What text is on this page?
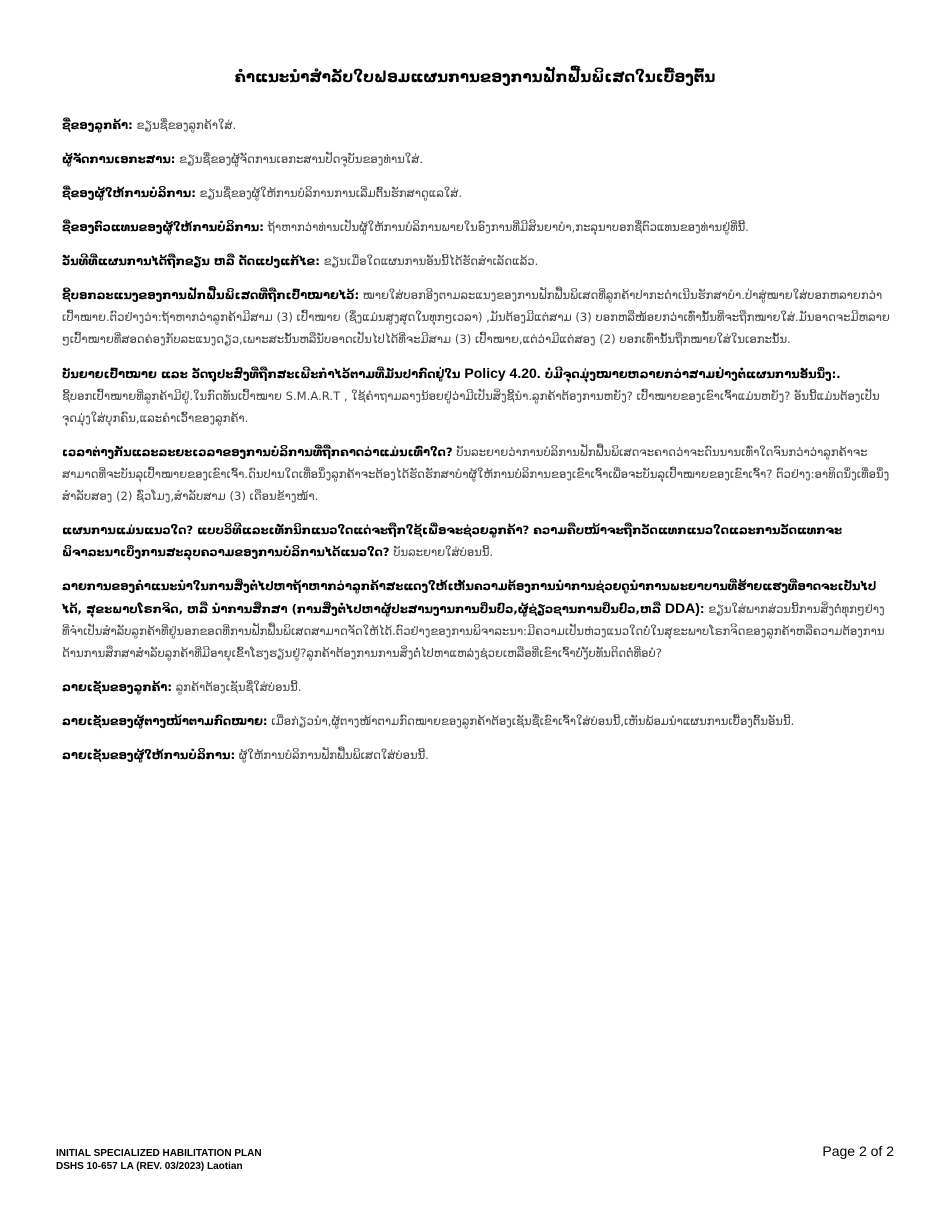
ຄໍາແນະນໍາສໍາລັບໃບຟອມແຜນການຂອງການຟັກຟື້ນພິເສດໃນເບື້ອງຕົ້ນ

ຊື່ຂອງລູກຄ້າ: ຂຽນຊື່ຂອງລູກຄ້າໃສ່.

ຜູ້ຈັດການເອກະສານ: ຂຽນຊື່ຂອງຜູ້ຈັດການເອກະສານປັດຈຸບັນຂອງທ່ານໃສ່.

ຊື່ຂອງຜູ້ໃຫ້ການບໍລິການ: ຂຽນຊື່ຂອງຜູ້ໃຫ້ການບໍລິການການເລີ່ມຕົ້ນຮັກສາດູແລໃສ່.

ຊື່ຂອງຕົວແທນຂອງຜູ້ໃຫ້ການບໍລິການ: ຖ້າຫາກວ່າທ່ານເປັນຜູ້ໃຫ້ການບໍລິການພາຍໃນອົງການທີ່ມີສິນຍາບໍາ,ກະລຸນາບອກຊື່ຕົວແທນຂອງທ່ານຢູ່ທີ່ນີ້.

ວັນທີທີ່ແຜນການໄດ້ຖືກຂຽນ ຫລື ດັດແປງແກ້ໄຂ: ຂຽນເມື່ອໃດແຜນການອັນນີ້ໄດ້ຮັດສໍາເລັດແລ້ວ.

ຊີ້ບອກລະແນງຂອງການຟັກຟື້ນພິເສດທີ່ຖືກເປົ້າໝາຍໄວ້: ໝາຍໃສ່ບອກອີງຕາມລະແນງຂອງການຟັກຟື້ນພິເສດທີ່ລູກຄ້າປາກະດຳເນີນຮັກສາບໍາ.ປ່າສູ່ໝາຍໃສ່ບອກຫລາຍກວ່າເປົ້າໝາຍ.ຕົວຢ່າງວ່າ:ຖ້າຫາກວ່າລູກຄ້າມີສາມ (3) ເປົ້າໝາຍ (ຊຶ່ງແມ່ນສູງສຸດໃນທຸກໆເວລາ) ,ມັນຕ້ອງມີແຕ່ສາມ (3) ບອກຫລືໜ້ອຍກວ່າເທົ່ານັ້ນທີ່ຈະຖືກໝາຍໃສ່.ມັນອາດຈະມີຫລາຍໆເປົ້າໝາຍທີ່ສອດຄ່ອງກັບລະແນງດຽວ,ເພາະສະນັ້ນຫລືນັບອາດເປັນໄປໄດ້ທີ່ຈະມີສາມ (3) ເປົ້າໝາຍ,ແຕ່ວ່າມີແຕ່ສອງ (2) ບອກເທົ່ານັ້ນຖືກໝາຍໃສ່ໃນເອກະນັ້ນ.

ບັນຍາຍເປົ້າໝາຍ ແລະ ວັດຖຸປະສົງທີ່ຖືກສະເພີະກໍາໄວ້ຕາມທີ່ມັນປາກົດຢູ່ໃນ Policy 4.20. ບໍ່ມີຈຸດມຸ່ງໝາຍຫລາຍກວ່າສາມຢ່າງຕໍ່ແຜນການອັນນຶ່ງ:.
ຊີ້ບອກເປົ້າໝາຍທີ່ລູກຄ້າມີຢູ່.ໃນກົດທັນເປົ້າໝາຍ S.M.A.R.T , ໃຊ້ຄໍາຖາມລາງນ້ອຍຢູ່ວ່າມີເປັນສິ່ງຊີ້ນໍາ.ລູກຄ້າຕ້ອງການຫຍັງ? ເປົ້າໝາຍຂອງເຂົາເຈົ້າແມ່ນຫຍັງ? ອັນນີ້ແມ່ນຕ້ອງເປັນຈຸດມຸ່ງໃສ່ບຸກຄົນ,ແລະຄໍາເວົ້າຂອງລູກຄ້າ.

ເວລາຕ່າງກັນແລະລະຍະເວລາຂອງການບໍລິການທີ່ຖືກຄາດວ່າແມ່ນເທົ່າໃດ? ບັນລະຍາຍວ່າການບໍລິການຟັກຟື້ນພິເສດຈະຄາດວ່າຈະດົນນານເທົ່າໃດຈົນກວ່າວ່າລູກຄ້າຈະສາມາດທີ່ຈະບັນລຸເປົ້າໝາຍຂອງເຂົາເຈົ້າ.ດົນປານໃດເທື່ອນຶ່ງລູກຄ້າຈະຕ້ອງໄດ້ຮັດຮັກສາບໍາຜູ້ໃຫ້ການບໍລິການຂອງເຂົາເຈົ້າເພື່ອຈະບັນລຸເປົ້າໝາຍຂອງເຂົາເຈົ້າ? ຕົວຢ່າງ:ອາທິດນຶ່ງເທື່ອນຶ່ງສໍາລັບສອງ (2) ຊົ່ວໂມງ,ສໍາລັບສາມ (3) ເດືອນຂ້າງໜ້າ.

ແຜນການແມ່ນແນວໃດ? ແບບວິທີແລະເທັກນິກແນວໃດແດ່ຈະຖືກໃຊ້ເພື່ອຈະຊ່ວຍລູກຄ້າ? ຄວາມຄືບໜ້າຈະຖືກວັດແທກແນວໃດແລະການວັດແທກຈະພິຈາລະນາເບິ່ງການສະລຸບຄວາມຂອງການບໍລິການໄດ້ແນວໃດ? ບັນລະຍາຍໃສ່ບ່ອນນີ້.

ລາຍການຂອງຄໍາແນະນໍາໃນການສິ່ງຕໍ່ໄປຫາຖ້າຫາກວ່າລູກຄ້າສະແດງໃຫ້ເຫັນຄວາມຕ້ອງການນໍາການຊ່ວຍດູນໍາການພະຍາບານທີ່ຮ້າຍແຮງທີ່ອາດຈະເປັນໄປໄດ້, ສຸຂະພາບໂຣກຈິດ, ຫລື ນໍາການສຶກສາ (ການສິ່ງຕໍ່ໄປຫາຜູ້ປະສານງານການປິ່ນປົວ,ຜູ້ຊ່ຽວຊານການປິ່ນປົວ,ຫລື DDA): ຂຽນໃສ່ພາກສ່ວນນີ້ການສິ່ງຕໍ່ທຸກໆຢ່າງທີ່ຈໍາເປັນສໍາລັບລູກຄ້າທີ່ຢູ່ນອກຂອດທີ່ການຟັກຟື້ນພິເສດສາມາດຈັດໃຫ້ໄດ້.ຕົວຢ່າງຂອງການພິຈາລະນາ:ມີຄວາມເປັນຫ່ວງແນວໃດບໍ່ໃນສຸຂະພາບໂຣກຈິດຂອງລູກຄ້າຫລືຄວາມຕ້ອງການດ້ານການສຶກສາສໍາລັບລູກຄ້າທີ່ມີອາຍຸເຂົ້າໂຮງຮຽນຢູ່?ລູກຄ້າຕ້ອງການການສິ່ງຕໍ່ໄປຫາແຫລ່ງຊ່ວຍເຫລືອທີ່ເຂົາເຈົ້າບໍ່ງັບທັນຕິດຕໍ່ທີ່ອບໍ?

ລາຍເຊັນຂອງລູກຄ້າ: ລູກຄ້າຕ້ອງເຊັນຊື່ໃສ່ບ່ອນນີ້.

ລາຍເຊັນຂອງຜູ້ຕາງໜ້າຕາມກົດໝາຍ: ເມື່ອກ່ຽວນໍາ,ຜູ້ຕາງໜ້າຕາມກົດໝາຍຂອງລູກຄ້າຕ້ອງເຊັນຊື່ເຂົາເຈົ້າໃສ່ບ່ອນນີ້,ເຫັນພ້ອມນໍາແຜນການເບື້ອງຕົ້ນອັນນີ້.

ລາຍເຊັນຂອງຜູ້ໃຫ້ການບໍລິການ: ຜູ້ໃຫ້ການບໍລິການຟັກຟື້ນພິເສດໃສ່ບ່ອນນີ້.

INITIAL SPECIALIZED HABILITATION PLAN
DSHS 10-657 LA (REV. 03/2023) Laotian
Page 2 of 2
